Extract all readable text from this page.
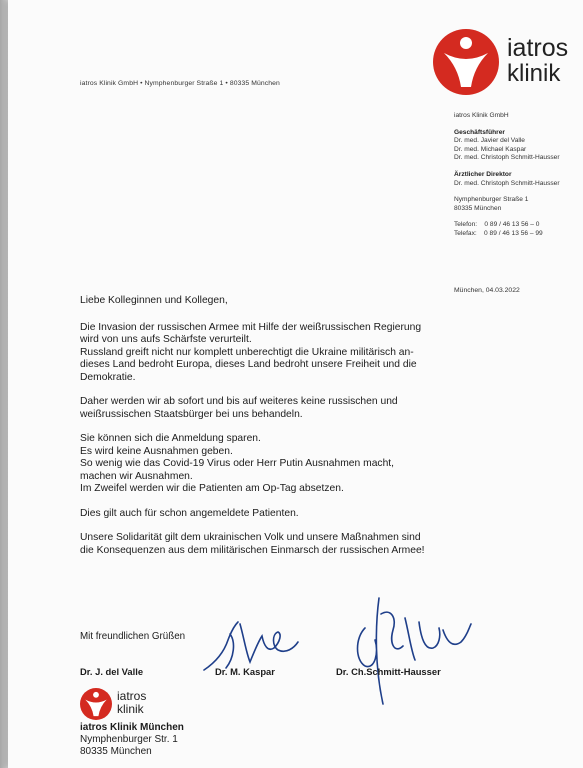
iatros
klinik
iatros Klinik GmbH • Nymphenburger Straße 1 • 80335 München
iatros Klinik GmbH
Geschäftsführer
Dr. med. Javier del Valle
Dr. med. Michael Kaspar
Dr. med. Christoph Schmitt-Hausser
Ärztlicher Direktor
Dr. med. Christoph Schmitt-Hausser
Nymphenburger Straße 1
80335 München
Telefon:    0 89 / 46 13 56 – 0
Telefax:    0 89 / 46 13 56 – 99
München, 04.03.2022

Liebe Kolleginnen und Kollegen,

Die Invasion der russischen Armee mit Hilfe der weißrussischen Regierung

wird von uns aufs Schärfste verurteilt.

Russland greift nicht nur komplett unberechtigt die Ukraine militärisch an-

dieses Land bedroht Europa, dieses Land bedroht unsere Freiheit und die

Demokratie.

Daher werden wir ab sofort und bis auf weiteres keine russischen und

weißrussischen Staatsbürger bei uns behandeln.

Sie können sich die Anmeldung sparen.

Es wird keine Ausnahmen geben.

So wenig wie das Covid-19 Virus oder Herr Putin Ausnahmen macht,

machen wir Ausnahmen.

Im Zweifel werden wir die Patienten am Op-Tag absetzen.

Dies gilt auch für schon angemeldete Patienten.

Unsere Solidarität gilt dem ukrainischen Volk und unsere Maßnahmen sind

die Konsequenzen aus dem militärischen Einmarsch der russischen Armee!

Mit freundlichen Grüßen
Dr. J. del Valle	Dr. M. Kaspar	Dr. Ch.Schmitt-Hausser
iatros
klinik
iatros Klinik München
Nymphenburger Str. 1
80335 München
